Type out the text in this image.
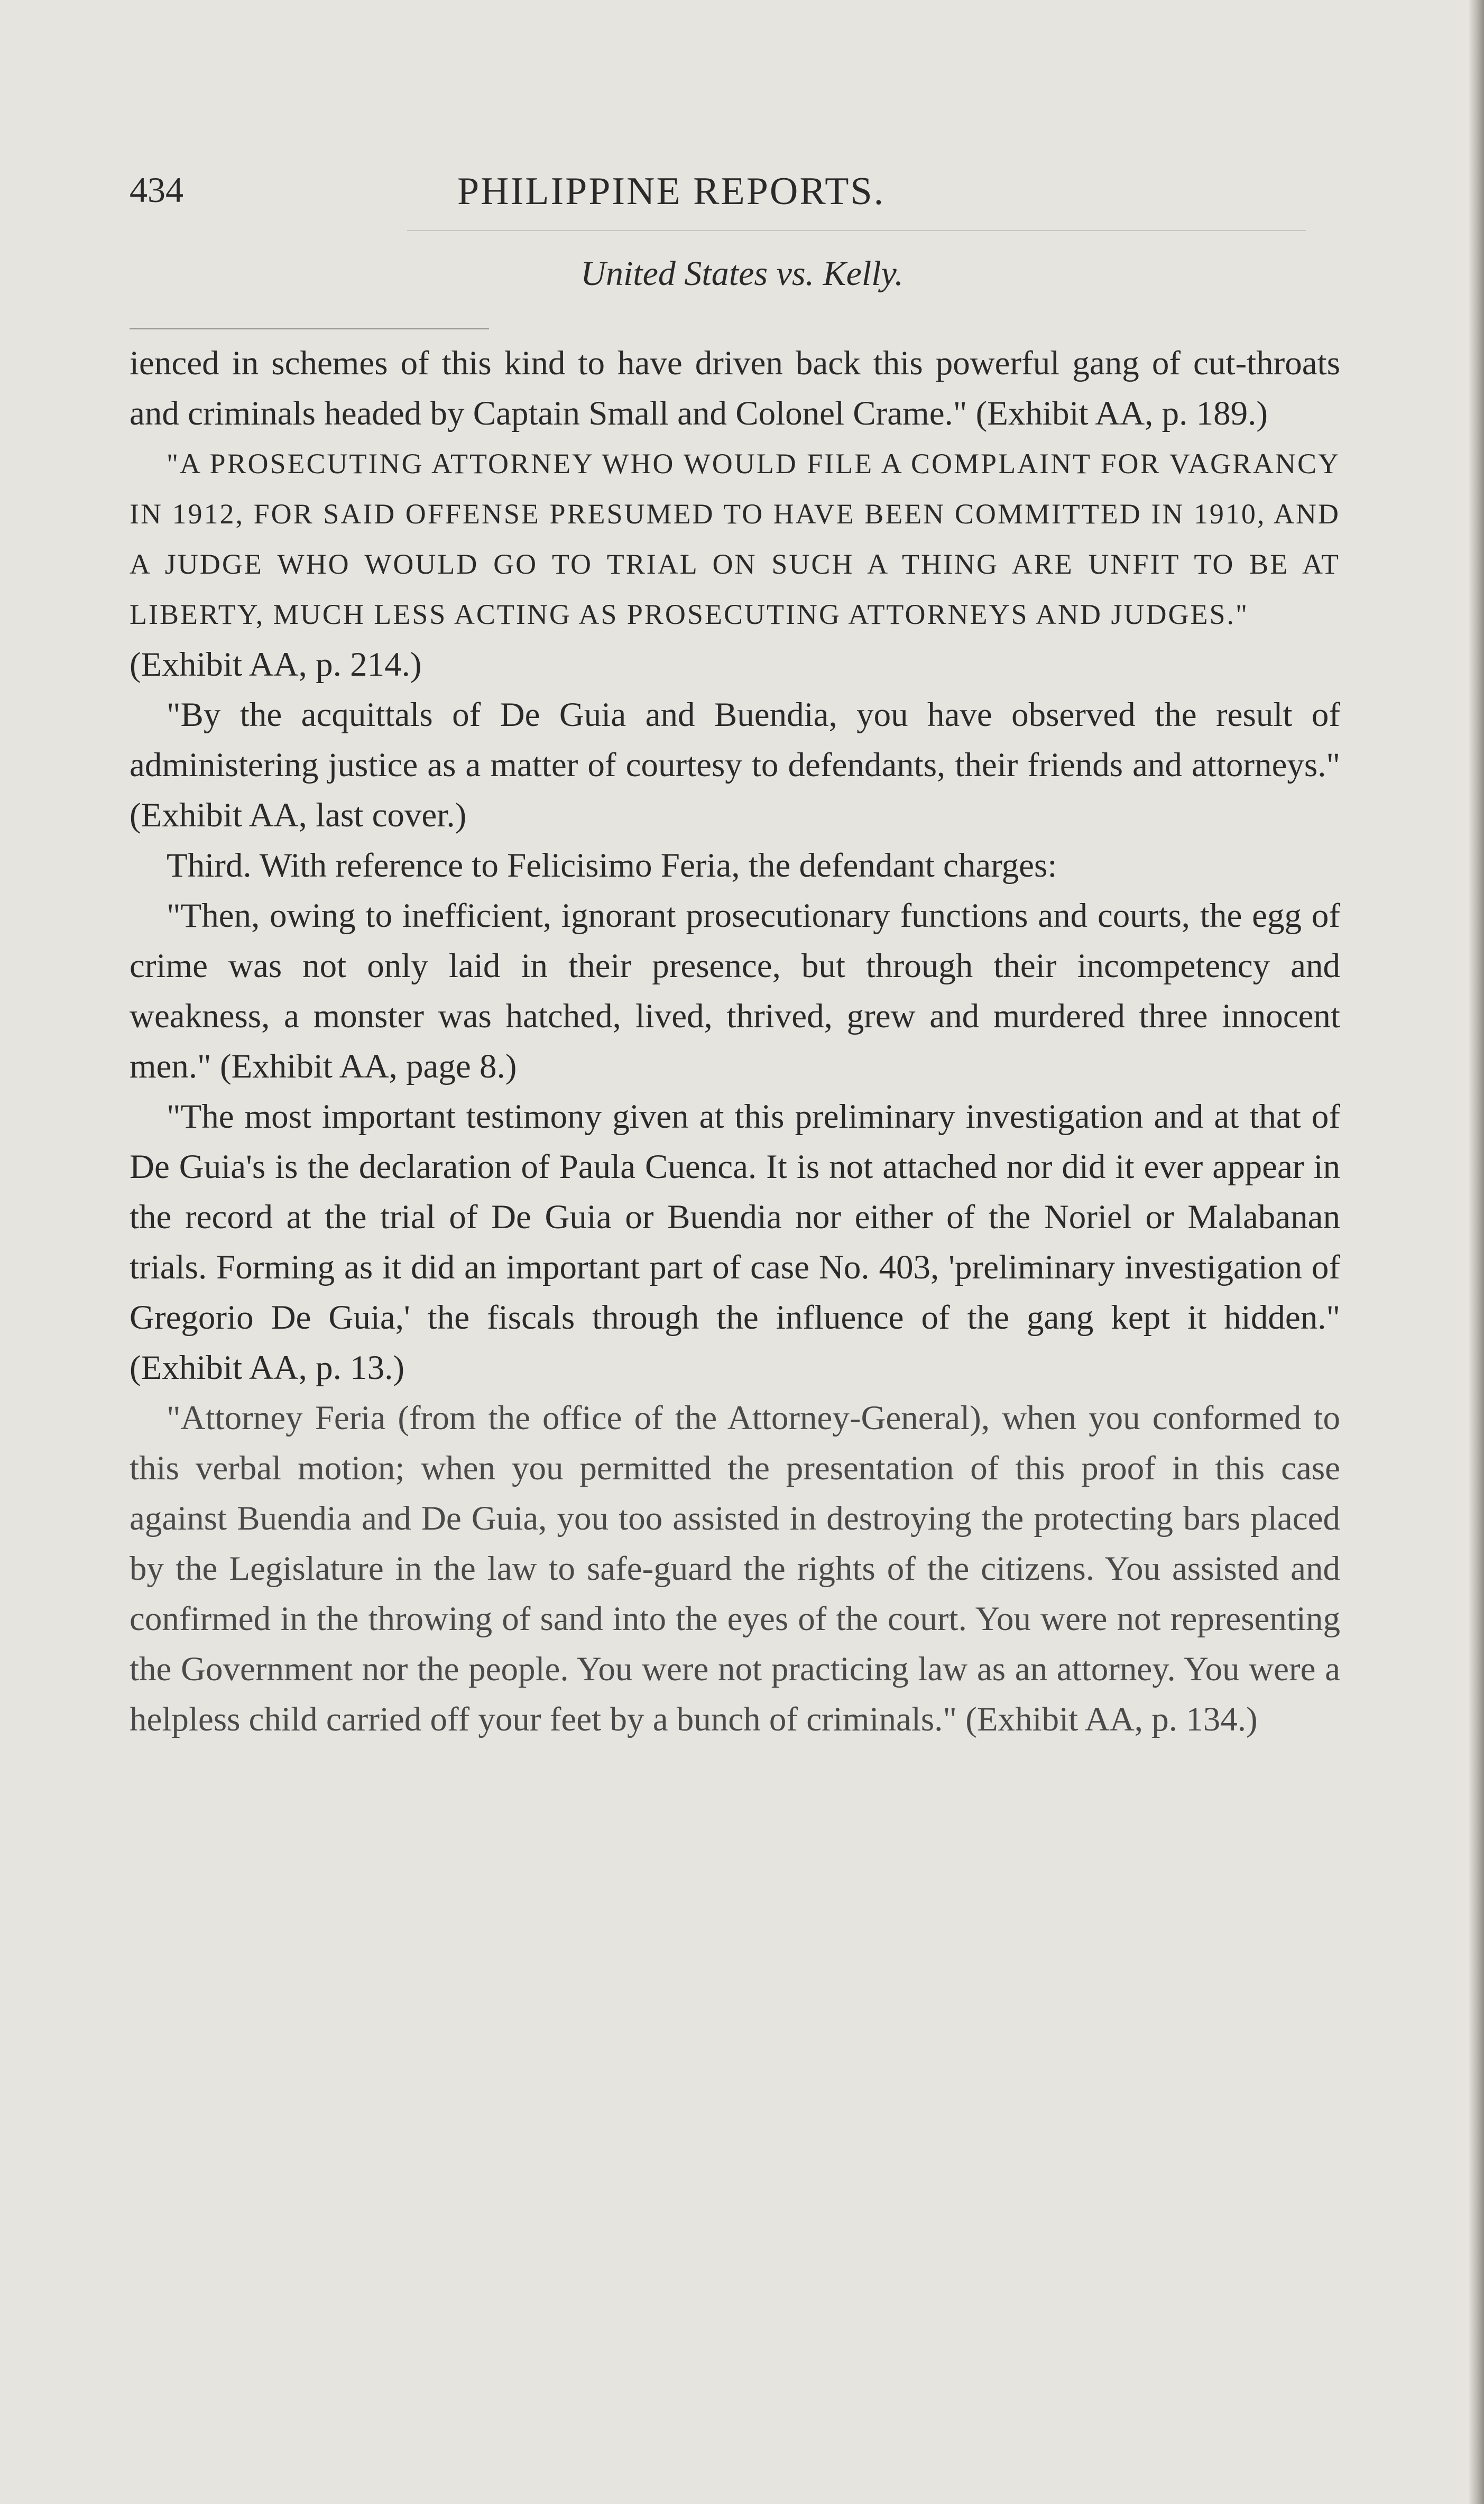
434	PHILIPPINE REPORTS.
United States vs. Kelly.

ienced in schemes of this kind to have driven back this powerful gang of cut-throats and criminals headed by Captain Small and Colonel Crame." (Exhibit AA, p. 189.)

"A PROSECUTING ATTORNEY WHO WOULD FILE A COMPLAINT FOR VAGRANCY IN 1912, FOR SAID OFFENSE PRESUMED TO HAVE BEEN COMMITTED IN 1910, AND A JUDGE WHO WOULD GO TO TRIAL ON SUCH A THING ARE UNFIT TO BE AT LIBERTY, MUCH LESS ACTING AS PROSECUTING ATTORNEYS AND JUDGES."

(Exhibit AA, p. 214.)

"By the acquittals of De Guia and Buendia, you have observed the result of administering justice as a matter of courtesy to defendants, their friends and attorneys." (Exhibit AA, last cover.)

Third. With reference to Felicisimo Feria, the defendant charges:

"Then, owing to inefficient, ignorant prosecutionary functions and courts, the egg of crime was not only laid in their presence, but through their incompetency and weakness, a monster was hatched, lived, thrived, grew and murdered three innocent men." (Exhibit AA, page 8.)

"The most important testimony given at this preliminary investigation and at that of De Guia's is the declaration of Paula Cuenca. It is not attached nor did it ever appear in the record at the trial of De Guia or Buendia nor either of the Noriel or Malabanan trials. Forming as it did an important part of case No. 403, 'preliminary investigation of Gregorio De Guia,' the fiscals through the influence of the gang kept it hidden." (Exhibit AA, p. 13.)

"Attorney Feria (from the office of the Attorney-General), when you conformed to this verbal motion; when you permitted the presentation of this proof in this case against Buendia and De Guia, you too assisted in destroying the protecting bars placed by the Legislature in the law to safe-guard the rights of the citizens. You assisted and confirmed in the throwing of sand into the eyes of the court. You were not representing the Government nor the people. You were not practicing law as an attorney. You were a helpless child carried off your feet by a bunch of criminals." (Exhibit AA, p. 134.)
